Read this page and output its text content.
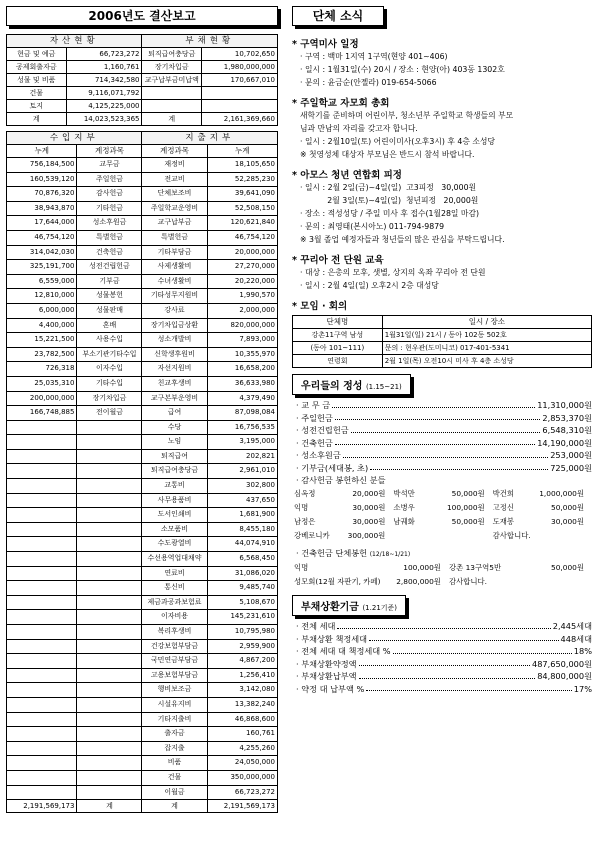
2006년도 결산보고
자산현황		부채현황	
현금 및 예금	66,723,272	퇴직급여충당금	10,702,650
공제회출자금	1,160,761	장기차입금	1,980,000,000
성물 및 비품	714,342,580	교구납부금미납액	170,667,010
건물	9,116,071,792		
토지	4,125,225,000		
계	14,023,523,365	계	2,161,369,660
수입지부		지출지부	
누계	계정과목	계정과목	누계
756,184,500	교무금	재정비	18,105,650
160,539,120	주일헌금	전교비	52,285,230
70,876,320	감사헌금	단체보조비	39,641,090
38,943,870	기타헌금	주일학교운영비	52,508,150
17,644,000	성소후원금	교구납부금	120,621,840
46,754,120	특별헌금	특별헌금	46,754,120
314,042,030	건축헌금	기타부담금	20,000,000
325,191,700	성전건립헌금	사제생활비	27,270,000
6,559,000	기부금	수녀생활비	20,220,000
12,810,000	성물봉헌	기타성무지원비	1,990,570
6,000,000	성물판매	강사료	2,000,000
4,400,000	혼배	장기차입금상환	820,000,000
15,221,500	사용수입	성소개발비	7,893,000
23,782,500	부소기관기타수입	신학생후원비	10,355,970
726,318	이자수입	자선지원비	16,658,200
25,035,310	기타수입	친교후생비	36,633,980
200,000,000	장기차입금	교구본부운영비	4,379,490
166,748,885	전이월금	급여	87,098,084
		수당	16,756,535
		노임	3,195,000
		퇴직급여	202,821
		퇴직급여충당금	2,961,010
		교통비	302,800
		사무용품비	437,650
		도서인쇄비	1,681,900
		소모품비	8,455,180
		수도광열비	44,074,910
		수선용역업대채약	6,568,450
		연료비	31,086,020
		통신비	9,485,740
		제금과공과보험료	5,108,670
		이자비용	145,231,610
		복리후생비	10,795,980
		건강보험부담금	2,959,900
		국민연금부담금	4,867,200
		고용보험부담금	1,256,410
		행비보조금	3,142,080
		시설유지비	13,382,240
		기타지출비	46,868,600
		출자금	160,761
		잡지출	4,255,260
		비품	24,050,000
		건물	350,000,000
		이월금	66,723,272
2,191,569,173	계	계	2,191,569,173
단체 소식
* 구역미사 일정
· 구역 : 백마 1지역 1구역(현양 401~406)
· 일시 : 1월31일(수) 20시 / 장소 : 현양(아) 403동 1302호
· 문의 : 윤금순(안젤라) 019-654-5066
* 주일학교 자모회 총회
새학기를 준비하며 어린이부, 청소년부 주일학교 학생들의 부모
님과 만남의 자리를 갖고자 합니다.
· 일시 : 2월10일(토) 어린이미사(오후3시) 후 4층 소성당
※ 첫영성체 대상자 부모님은 반드시 참석 바랍니다.
* 아모스 청년 연합회 피정
· 일시 : 2월 2일(금)~4일(일)  고3피정   30,000원
2월 3일(토)~4일(일)  청년피정   20,000원
· 장소 : 적성성당 / 주일 미사 후 접수(1월28일 마감)
· 문의 : 최영태(본시아노) 011-794-9879
※ 3월 졸업 예정자들과 청년들의 많은 관심을 부탁드립니다.
* 꾸리아 전 단원 교육
· 대상 : 은총의 모후, 샛별, 상지의 옥좌 꾸리아 전 단원
· 일시 : 2월 4일(일) 오후2시 2층 대성당
* 모임 · 회의
단체명	일시 / 장소
강촌11구역 남성	1월31일(일) 21시 / 동아 102동 502호
(동아 101~111)	문의 : 현우관(도미니코) 017-401-5341
연령회	2월 1일(목) 오전10시 미사 후 4층 소성당
우리들의 정성 (1.15~21)
· 교 무 금	11,310,000원
· 주일헌금	2,853,370원
· 성전건립헌금	6,548,310원
· 건축헌금	14,190,000원
· 성소후원금	253,000원
· 기부금(세대봉, 초)	725,000원
· 감사헌금 봉헌하신 분들
심옥정	20,000원 박석만	50,000원 박건희	1,000,000원
익명	30,000원 소병우	100,000원 고정신	50,000원
남정은	30,000원 남궤화	50,000원 도재봉	30,000원
강베로니카 300,000원	감사합니다.
· 건축헌금 단체봉헌 (12/18~1/21)
익명	100,000원 강촌 13구역5반	50,000원
성모회(12월 자판기, 카페) 2,800,000원 감사합니다.
부채상환기금 (1.21기준)
· 전체 세대	2,445세대
· 부채상환 책정세대	448세대
· 전체 세대 대 책정세대 %	18%
· 부채상환약정액	487,650,000원
· 부채상환납부액	84,800,000원
· 약정 대 납부액 %	17%
